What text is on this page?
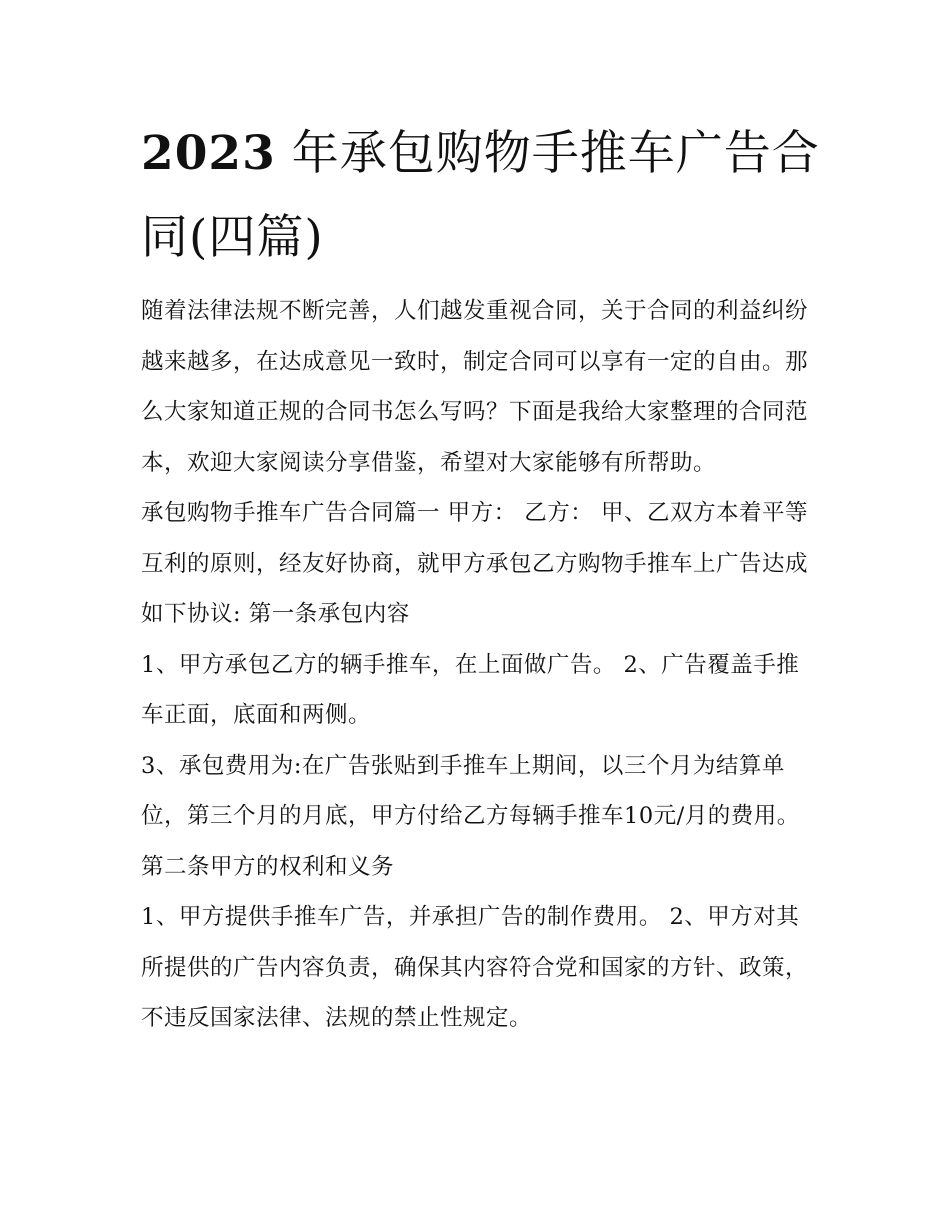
2023 年承包购物手推车广告合同(四篇)

随着法律法规不断完善，人们越发重视合同，关于合同的利益纠纷越来越多，在达成意见一致时，制定合同可以享有一定的自由。那么大家知道正规的合同书怎么写吗？下面是我给大家整理的合同范本，欢迎大家阅读分享借鉴，希望对大家能够有所帮助。

承包购物手推车广告合同篇一 甲方： 乙方： 甲、乙双方本着平等互利的原则，经友好协商，就甲方承包乙方购物手推车上广告达成如下协议: 第一条承包内容

1、甲方承包乙方的辆手推车，在上面做广告。 2、广告覆盖手推车正面，底面和两侧。

3、承包费用为:在广告张贴到手推车上期间，以三个月为结算单位，第三个月的月底，甲方付给乙方每辆手推车10元/月的费用。 第二条甲方的权利和义务

1、甲方提供手推车广告，并承担广告的制作费用。 2、甲方对其所提供的广告内容负责，确保其内容符合党和国家的方针、政策，不违反国家法律、法规的禁止性规定。
